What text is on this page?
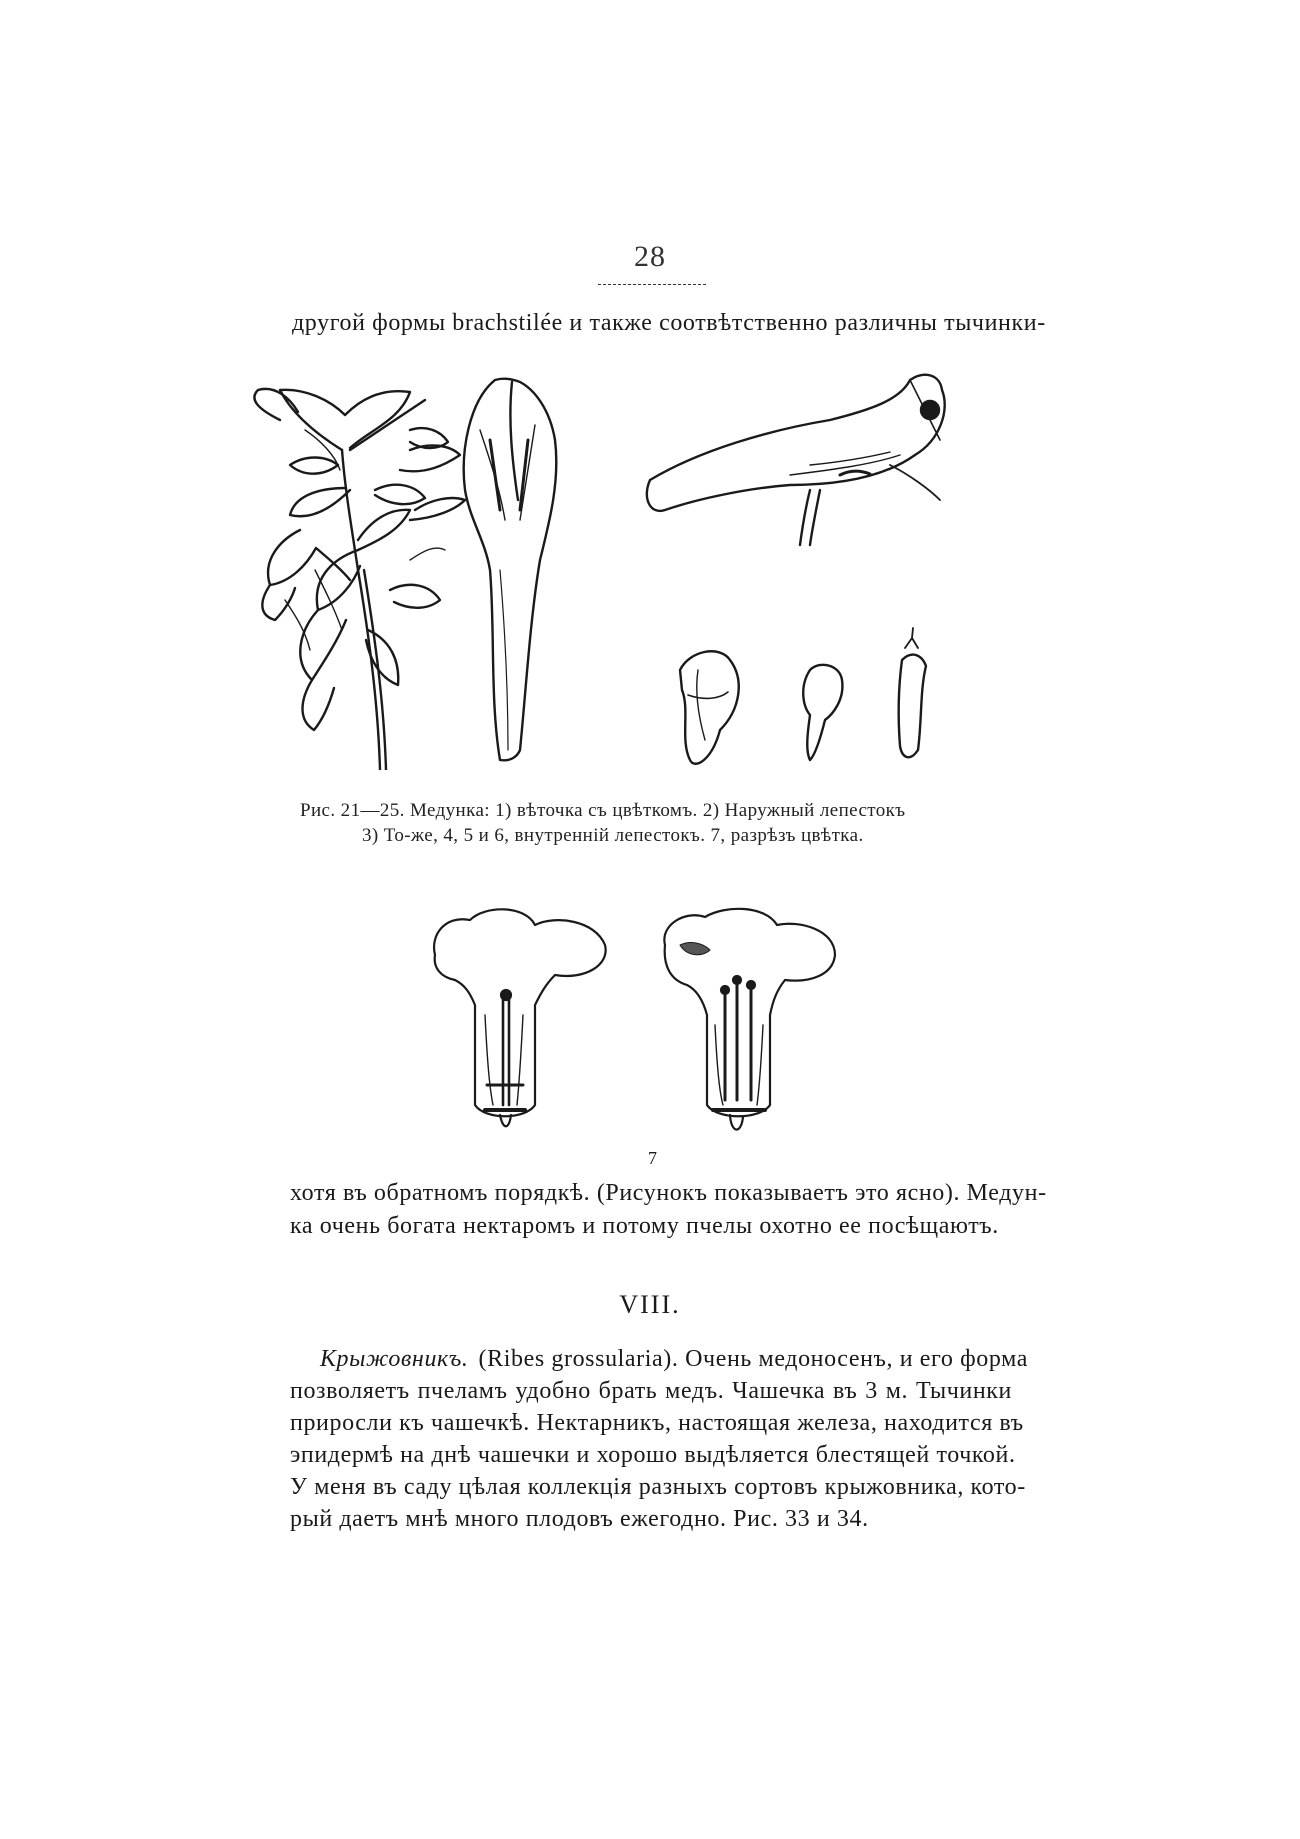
28
другой формы brachstilée и также соотвѣтственно различны тычинки-
Рис. 21—25. Медунка: 1) вѣточка съ цвѣткомъ. 2) Наружный лепестокъ
3) То-же, 4, 5 и 6, внутреннiй лепестокъ. 7, разрѣзъ цвѣтка.
7
хотя въ обратномъ порядкѣ. (Рисунокъ показываетъ это ясно). Медун-
ка очень богата нектаромъ и потому пчелы охотно ее посѣщаютъ.
VIII.
Крыжовникъ. (Ribes grossularia). Очень медоносенъ, и его форма
позволяетъ пчеламъ удобно брать медъ. Чашечка въ 3 м. Тычинки
приросли къ чашечкѣ. Нектарникъ, настоящая железа, находится въ
эпидермѣ на днѣ чашечки и хорошо выдѣляется блестящей точкой.
У меня въ саду цѣлая коллекцiя разныхъ сортовъ крыжовника, кото-
рый даетъ мнѣ много плодовъ ежегодно. Рис. 33 и 34.
